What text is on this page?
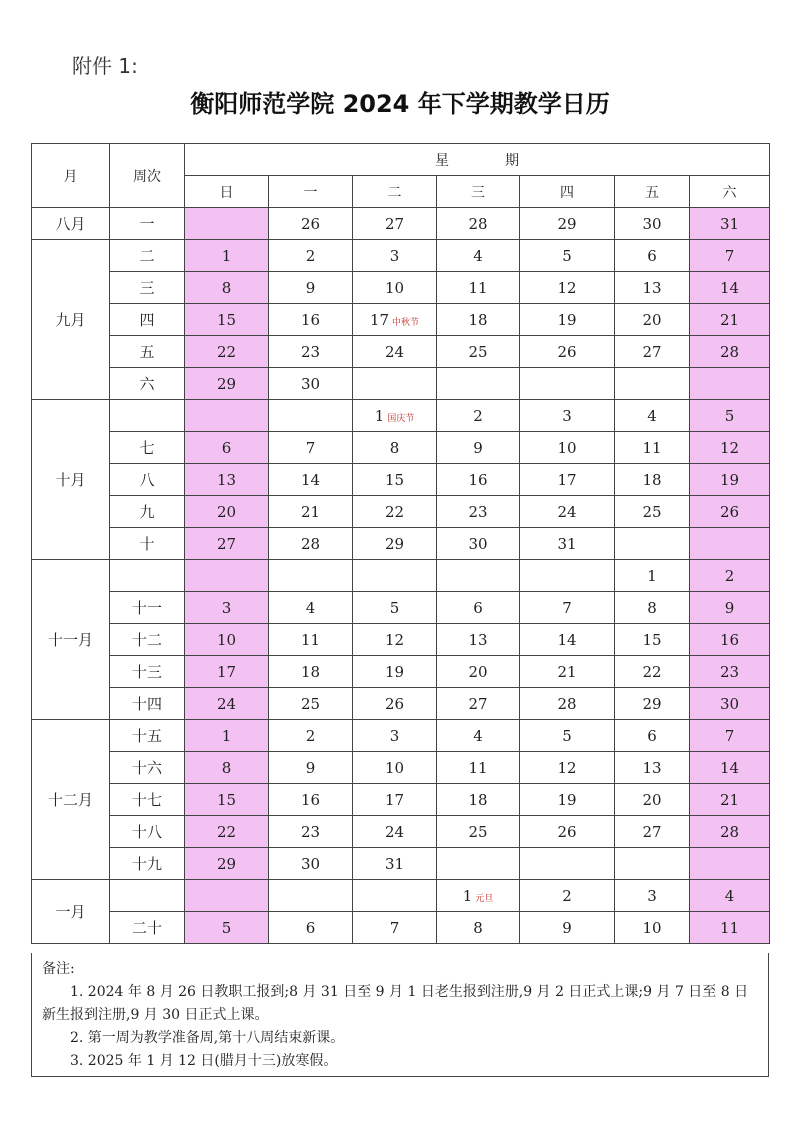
附件 1:
衡阳师范学院 2024 年下学期教学日历
月	周次	星　　　　期						
		日	一	二	三	四	五	六
八月	一		26	27	28	29	30	31
九月	二	1	2	3	4	5	6	7
	三	8	9	10	11	12	13	14
	四	15	16	17 中秋节	18	19	20	21
	五	22	23	24	25	26	27	28
	六	29	30					
十月				1 国庆节	2	3	4	5
	七	6	7	8	9	10	11	12
	八	13	14	15	16	17	18	19
	九	20	21	22	23	24	25	26
	十	27	28	29	30	31		
十一月							1	2
	十一	3	4	5	6	7	8	9
	十二	10	11	12	13	14	15	16
	十三	17	18	19	20	21	22	23
	十四	24	25	26	27	28	29	30
十二月	十五	1	2	3	4	5	6	7
	十六	8	9	10	11	12	13	14
	十七	15	16	17	18	19	20	21
	十八	22	23	24	25	26	27	28
	十九	29	30	31				
一月					1 元旦	2	3	4
	二十	5	6	7	8	9	10	11
备注:
1. 2024 年 8 月 26 日教职工报到;8 月 31 日至 9 月 1 日老生报到注册,9 月 2 日正式上课;9 月 7 日至 8 日新生报到注册,9 月 30 日正式上课。
2. 第一周为教学准备周,第十八周结束新课。
3. 2025 年 1 月 12 日(腊月十三)放寒假。
